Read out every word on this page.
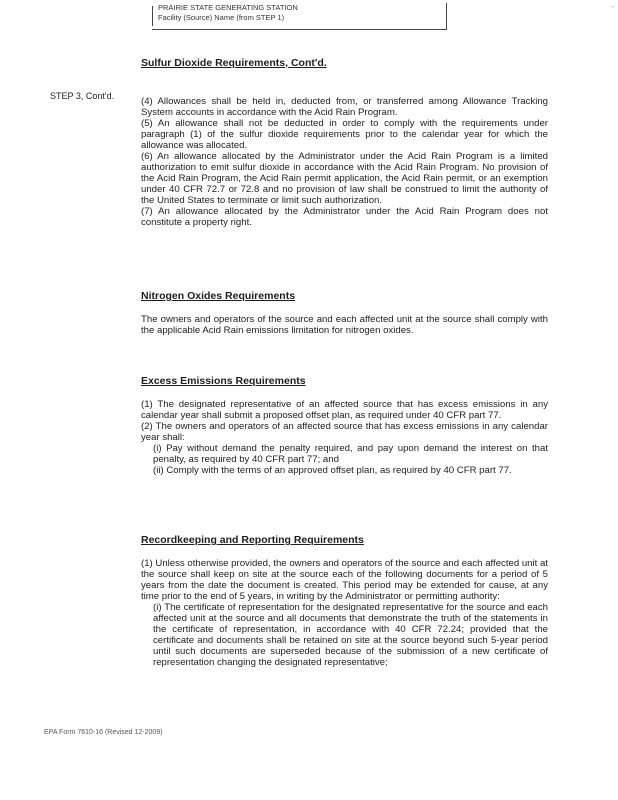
PRAIRIE STATE GENERATING STATION
Facility (Source) Name (from STEP 1)
-
Sulfur Dioxide Requirements, Cont'd.
STEP 3, Cont'd.	(4) Allowances shall be held in, deducted from, or transferred among Allowance Tracking System accounts in accordance with the Acid Rain Program.

(5) An allowance shall not be deducted in order to comply with the requirements under paragraph (1) of the sulfur dioxide requirements prior to the calendar year for which the allowance was allocated.

(6) An allowance allocated by the Administrator under the Acid Rain Program is a limited authorization to emit sulfur dioxide in accordance with the Acid Rain Program. No provision of the Acid Rain Program, the Acid Rain permit application, the Acid Rain permit, or an exemption under 40 CFR 72.7 or 72.8 and no provision of law shall be construed to limit the authority of the United States to terminate or limit such authorization.

(7) An allowance allocated by the Administrator under the Acid Rain Program does not constitute a property right.

Nitrogen Oxides Requirements

The owners and operators of the source and each affected unit at the source shall comply with the applicable Acid Rain emissions limitation for nitrogen oxides.

Excess Emissions Requirements

(1) The designated representative of an affected source that has excess emissions in any calendar year shall submit a proposed offset plan, as required under 40 CFR part 77.

(2) The owners and operators of an affected source that has excess emissions in any calendar year shall:

(i) Pay without demand the penalty required, and pay upon demand the interest on that penalty, as required by 40 CFR part 77; and

(ii) Comply with the terms of an approved offset plan, as required by 40 CFR part 77.

Recordkeeping and Reporting Requirements

(1) Unless otherwise provided, the owners and operators of the source and each affected unit at the source shall keep on site at the source each of the following documents for a period of 5 years from the date the document is created. This period may be extended for cause, at any time prior to the end of 5 years, in writing by the Administrator or permitting authority:

(i) The certificate of representation for the designated representative for the source and each affected unit at the source and all documents that demonstrate the truth of the statements in the certificate of representation, in accordance with 40 CFR 72.24; provided that the certificate and documents shall be retained on site at the source beyond such 5-year period until such documents are superseded because of the submission of a new certificate of representation changing the designated representative;

EPA Form 7610-16 (Revised 12-2009)
